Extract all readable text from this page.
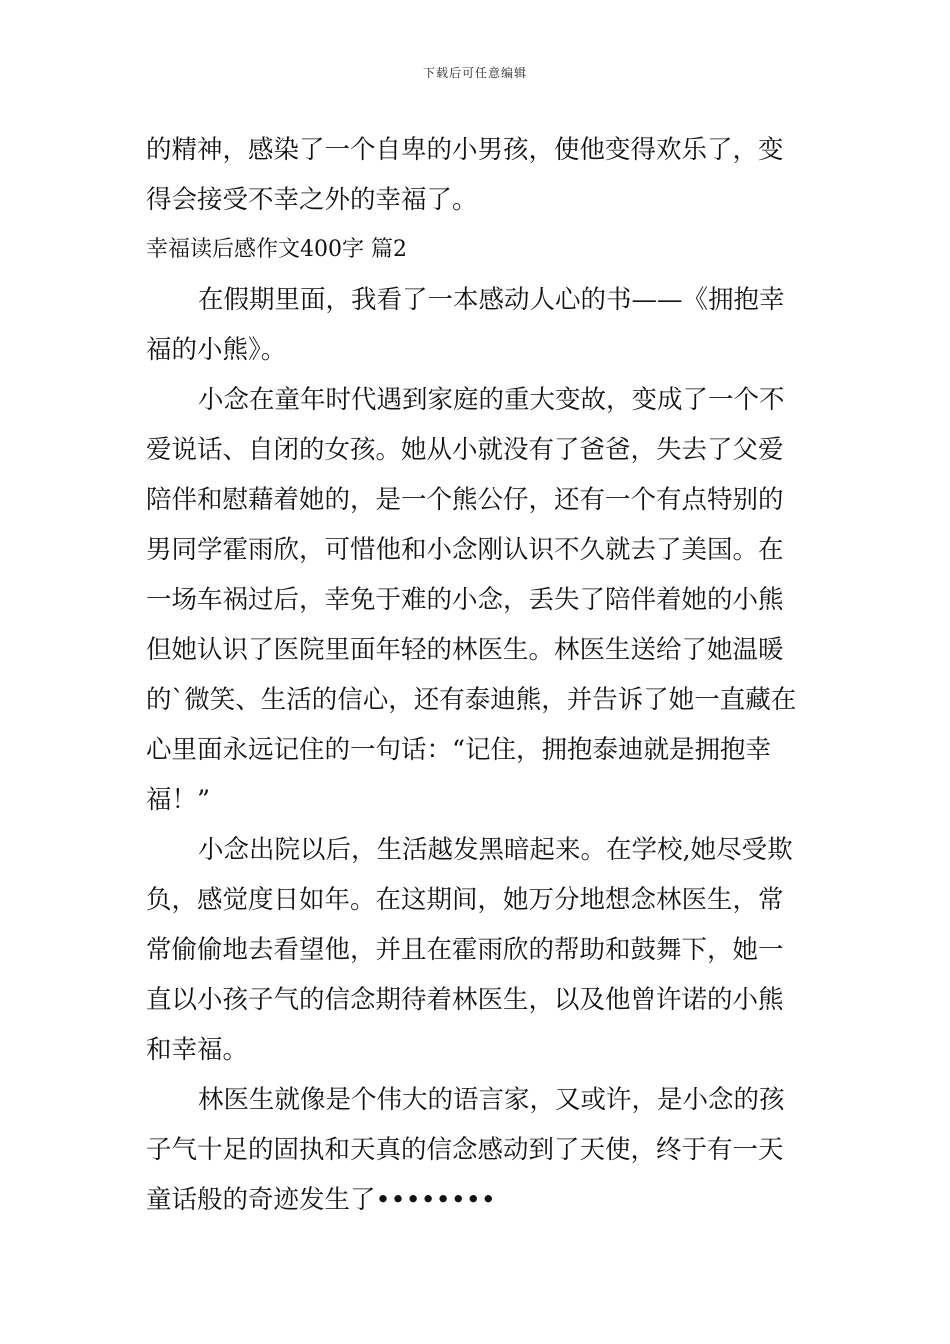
下载后可任意编辑
的精神，感染了一个自卑的小男孩，使他变得欢乐了，变
得会接受不幸之外的幸福了。
幸福读后感作文400字 篇2
在假期里面，我看了一本感动人心的书——《拥抱幸
福的小熊》。
小念在童年时代遇到家庭的重大变故，变成了一个不
爱说话、自闭的女孩。她从小就没有了爸爸，失去了父爱
陪伴和慰藉着她的，是一个熊公仔，还有一个有点特别的
男同学霍雨欣，可惜他和小念刚认识不久就去了美国。在
一场车祸过后，幸免于难的小念，丢失了陪伴着她的小熊
但她认识了医院里面年轻的林医生。林医生送给了她温暖
的`微笑、生活的信心，还有泰迪熊，并告诉了她一直藏在
心里面永远记住的一句话：“记住，拥抱泰迪就是拥抱幸
福！”
小念出院以后，生活越发黑暗起来。在学校,她尽受欺
负，感觉度日如年。在这期间，她万分地想念林医生，常
常偷偷地去看望他，并且在霍雨欣的帮助和鼓舞下，她一
直以小孩子气的信念期待着林医生，以及他曾许诺的小熊
和幸福。
林医生就像是个伟大的语言家，又或许，是小念的孩
子气十足的固执和天真的信念感动到了天使，终于有一天
童话般的奇迹发生了••••••••
